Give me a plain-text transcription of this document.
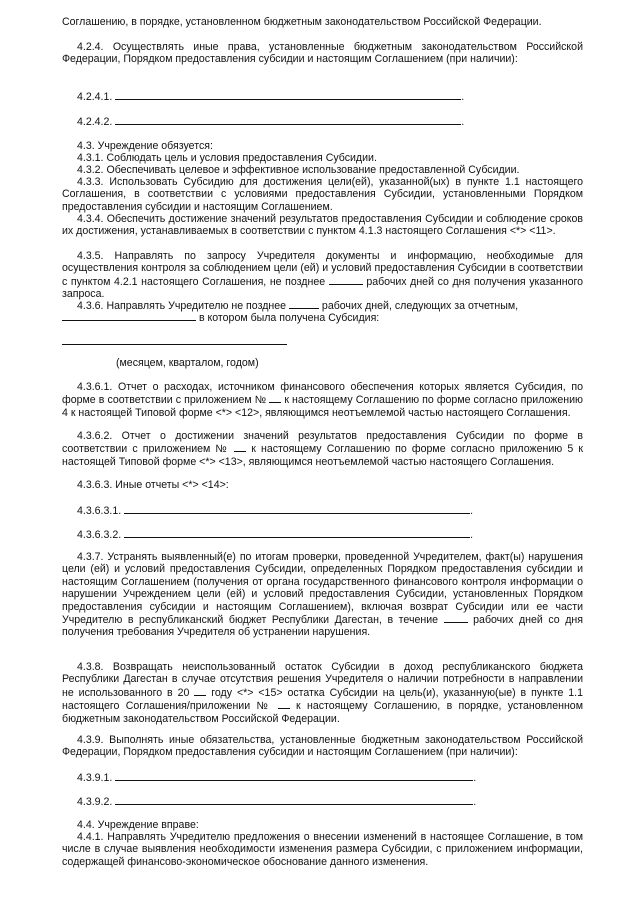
Соглашению, в порядке, установленном бюджетным законодательством Российской Федерации.

4.2.4. Осуществлять иные права, установленные бюджетным законодательством Российской Федерации, Порядком предоставления субсидии и настоящим Соглашением (при наличии):

4.2.4.1.	.

4.2.4.2.	.

4.3. Учреждение обязуется:

4.3.1. Соблюдать цель и условия предоставления Субсидии.

4.3.2. Обеспечивать целевое и эффективное использование предоставленной Субсидии.

4.3.3. Использовать Субсидию для достижения цели(ей), указанной(ых) в пункте 1.1 настоящего Соглашения, в соответствии с условиями предоставления Субсидии, установленными Порядком предоставления субсидии и настоящим Соглашением.

4.3.4. Обеспечить достижение значений результатов предоставления Субсидии и соблюдение сроков их достижения, устанавливаемых в соответствии с пунктом 4.1.3 настоящего Соглашения <*> <11>.

4.3.5. Направлять по запросу Учредителя документы и информацию, необходимые для осуществления контроля за соблюдением цели (ей) и условий предоставления Субсидии в соответствии с пунктом 4.2.1 настоящего Соглашения, не позднее	рабочих дней со дня получения указанного запроса.

4.3.6. Направлять Учредителю не позднее	рабочих дней, следующих за отчетным,

в котором была получена Субсидия:

(месяцем, кварталом, годом)

4.3.6.1. Отчет о расходах, источником финансового обеспечения которых является Субсидия, по форме в соответствии с приложением № к настоящему Соглашению по форме согласно приложению 4 к настоящей Типовой форме <*> <12>, являющимся неотъемлемой частью настоящего Соглашения.

4.3.6.2. Отчет о достижении значений результатов предоставления Субсидии по форме в соответствии с приложением № к настоящему Соглашению по форме согласно приложению 5 к настоящей Типовой форме <*> <13>, являющимся неотъемлемой частью настоящего Соглашения.

4.3.6.3. Иные отчеты <*> <14>:

4.3.6.3.1.	.

4.3.6.3.2.	.

4.3.7. Устранять выявленный(е) по итогам проверки, проведенной Учредителем, факт(ы) нарушения цели (ей) и условий предоставления Субсидии, определенных Порядком предоставления субсидии и настоящим Соглашением (получения от органа государственного финансового контроля информации о нарушении Учреждением цели (ей) и условий предоставления Субсидии, установленных Порядком предоставления субсидии и настоящим Соглашением), включая возврат Субсидии или ее части Учредителю в республиканский бюджет Республики Дагестан, в течение	рабочих дней со дня получения требования Учредителя об устранении нарушения.

4.3.8. Возвращать неиспользованный остаток Субсидии в доход республиканского бюджета Республики Дагестан в случае отсутствия решения Учредителя о наличии потребности в направлении не использованного в 20 году <*> <15> остатка Субсидии на цель(и), указанную(ые) в пункте 1.1 настоящего Соглашения/приложении № к настоящему Соглашению, в порядке, установленном бюджетным законодательством Российской Федерации.

4.3.9. Выполнять иные обязательства, установленные бюджетным законодательством Российской Федерации, Порядком предоставления субсидии и настоящим Соглашением (при наличии):

4.3.9.1.	.

4.3.9.2.	.

4.4. Учреждение вправе:

4.4.1. Направлять Учредителю предложения о внесении изменений в настоящее Соглашение, в том числе в случае выявления необходимости изменения размера Субсидии, с приложением информации, содержащей финансово-экономическое обоснование данного изменения.
